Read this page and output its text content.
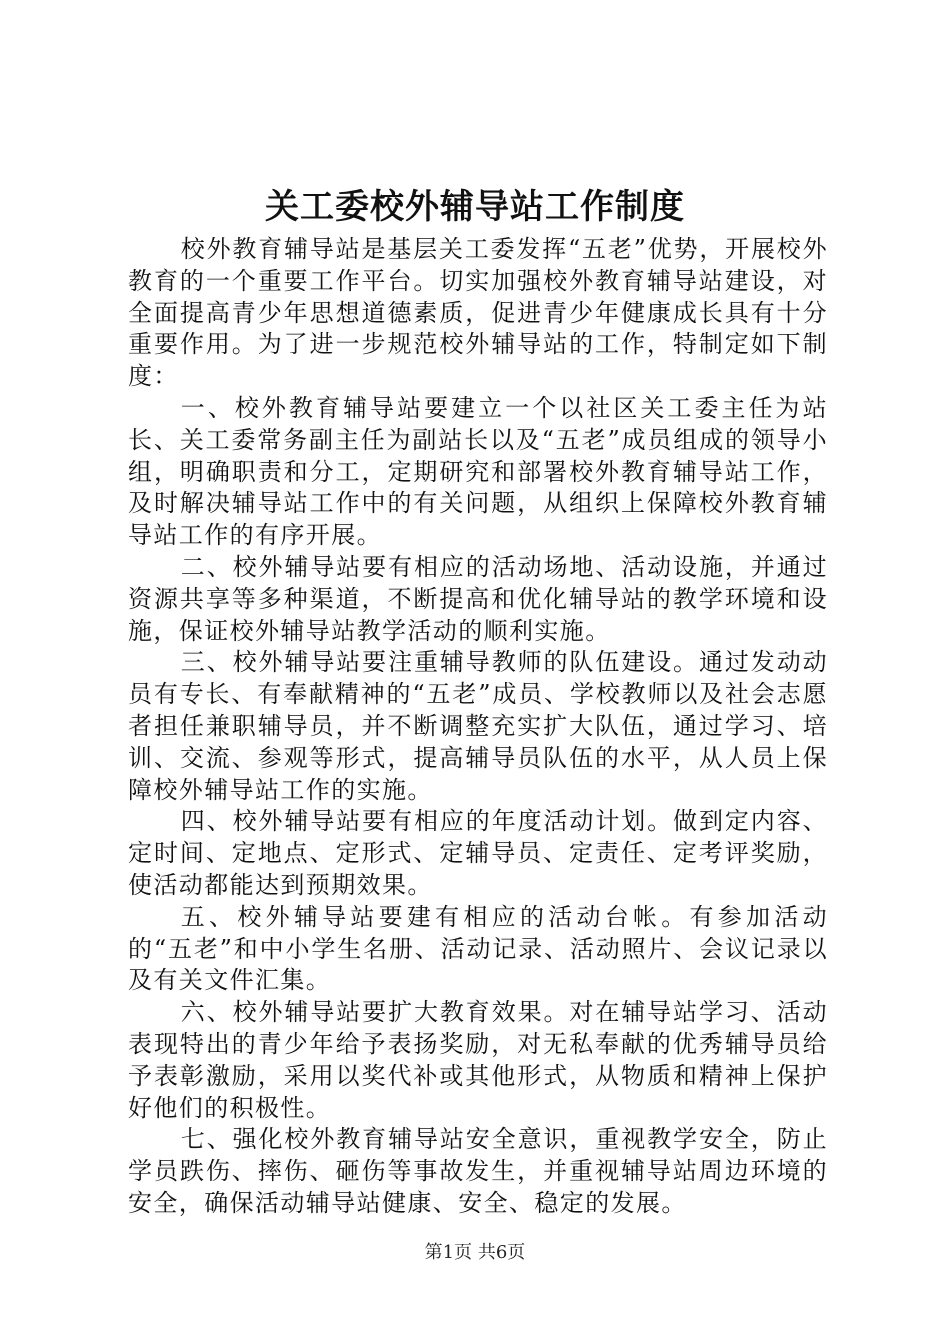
关工委校外辅导站工作制度

校外教育辅导站是基层关工委发挥“五老”优势，开展校外教育的一个重要工作平台。切实加强校外教育辅导站建设，对全面提高青少年思想道德素质，促进青少年健康成长具有十分重要作用。为了进一步规范校外辅导站的工作，特制定如下制度：

一、校外教育辅导站要建立一个以社区关工委主任为站长、关工委常务副主任为副站长以及“五老”成员组成的领导小组，明确职责和分工，定期研究和部署校外教育辅导站工作，及时解决辅导站工作中的有关问题，从组织上保障校外教育辅导站工作的有序开展。

二、校外辅导站要有相应的活动场地、活动设施，并通过资源共享等多种渠道，不断提高和优化辅导站的教学环境和设施，保证校外辅导站教学活动的顺利实施。

三、校外辅导站要注重辅导教师的队伍建设。通过发动动员有专长、有奉献精神的“五老”成员、学校教师以及社会志愿者担任兼职辅导员，并不断调整充实扩大队伍，通过学习、培训、交流、参观等形式，提高辅导员队伍的水平，从人员上保障校外辅导站工作的实施。

四、校外辅导站要有相应的年度活动计划。做到定内容、定时间、定地点、定形式、定辅导员、定责任、定考评奖励，使活动都能达到预期效果。

五、校外辅导站要建有相应的活动台帐。有参加活动的“五老”和中小学生名册、活动记录、活动照片、会议记录以及有关文件汇集。

六、校外辅导站要扩大教育效果。对在辅导站学习、活动表现特出的青少年给予表扬奖励，对无私奉献的优秀辅导员给予表彰激励，采用以奖代补或其他形式，从物质和精神上保护好他们的积极性。

七、强化校外教育辅导站安全意识，重视教学安全，防止学员跌伤、摔伤、砸伤等事故发生，并重视辅导站周边环境的安全，确保活动辅导站健康、安全、稳定的发展。

第1页 共6页
